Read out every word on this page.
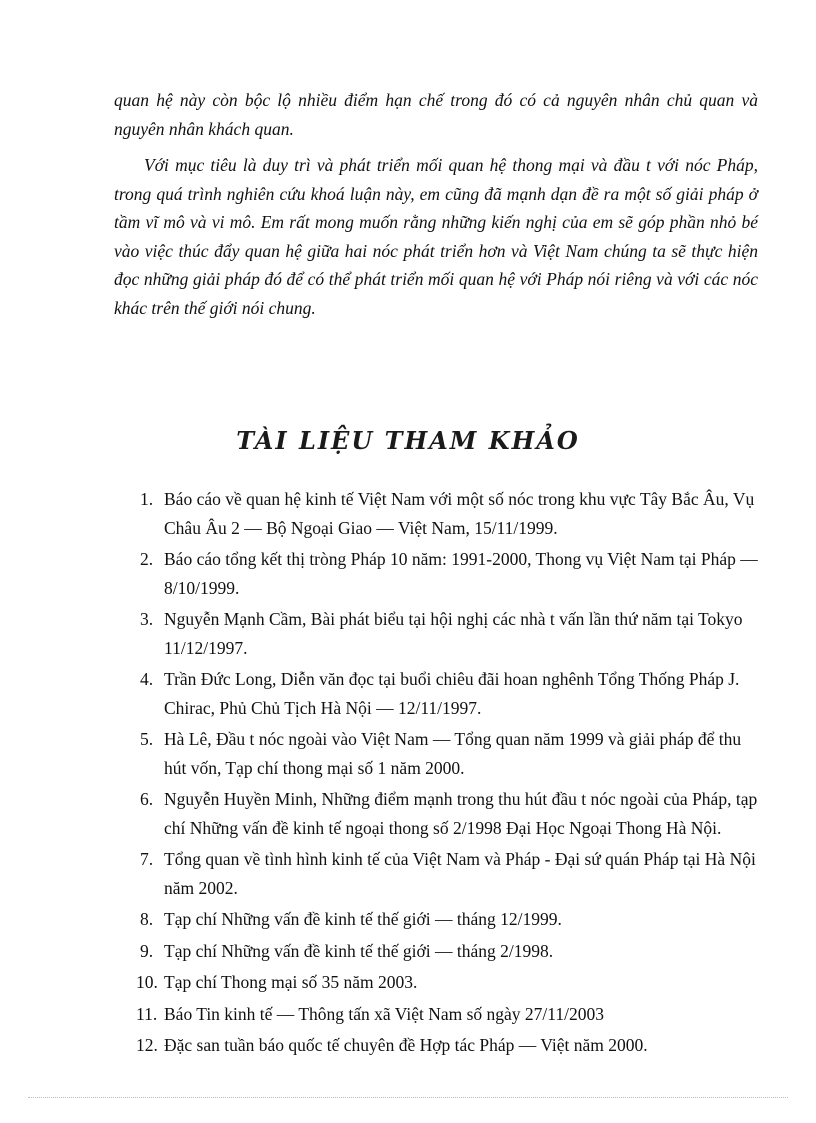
quan hệ này còn bộc lộ nhiều điểm hạn chế trong đó có cả nguyên nhân chủ quan và nguyên nhân khách quan.

Với mục tiêu là duy trì và phát triển mối quan hệ thong mại và đầu t với nóc Pháp, trong quá trình nghiên cứu khoá luận này, em cũng đã mạnh dạn đề ra một số giải pháp ở tầm vĩ mô và vi mô. Em rất mong muốn rằng những kiến nghị của em sẽ góp phần nhỏ bé vào việc thúc đẩy quan hệ giữa hai nóc phát triển hơn và Việt Nam chúng ta sẽ thực hiện đọc những giải pháp đó để có thể phát triển mối quan hệ với Pháp nói riêng và với các nóc khác trên thế giới nói chung.

TÀI LIỆU THAM KHẢO
1. Báo cáo về quan hệ kinh tế Việt Nam với một số nóc trong khu vực Tây Bắc Âu, Vụ Châu Âu 2 — Bộ Ngoại Giao — Việt Nam, 15/11/1999.
2. Báo cáo tổng kết thị tròng Pháp 10 năm: 1991-2000, Thong vụ Việt Nam tại Pháp — 8/10/1999.
3. Nguyễn Mạnh Cầm, Bài phát biểu tại hội nghị các nhà t vấn lần thứ năm tại Tokyo 11/12/1997.
4. Trần Đức Long, Diễn văn đọc tại buổi chiêu đãi hoan nghênh Tổng Thống Pháp J. Chirac, Phủ Chủ Tịch Hà Nội — 12/11/1997.
5. Hà Lê, Đầu t nóc ngoài vào Việt Nam — Tổng quan năm 1999 và giải pháp để thu hút vốn, Tạp chí thong mại số 1 năm 2000.
6. Nguyễn Huyền Minh, Những điểm mạnh trong thu hút đầu t nóc ngoài của Pháp, tạp chí Những vấn đề kinh tế ngoại thong số 2/1998 Đại Học Ngoại Thong Hà Nội.
7. Tổng quan về tình hình kinh tế của Việt Nam và Pháp - Đại sứ quán Pháp tại Hà Nội năm 2002.
8. Tạp chí Những vấn đề kinh tế thế giới — tháng 12/1999.
9. Tạp chí Những vấn đề kinh tế thế giới — tháng 2/1998.
10. Tạp chí Thong mại số 35 năm 2003.
11. Báo Tin kinh tế — Thông tấn xã Việt Nam số ngày 27/11/2003
12. Đặc san tuần báo quốc tế chuyên đề Hợp tác Pháp — Việt năm 2000.
